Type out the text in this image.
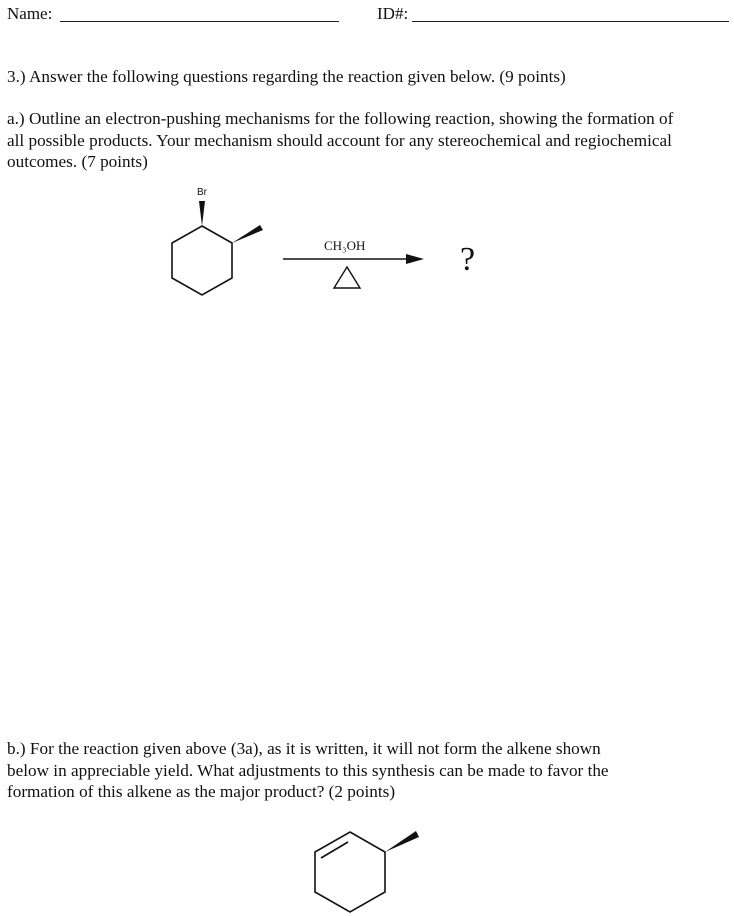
Name:	ID#:
3.) Answer the following questions regarding the reaction given below. (9 points)
a.) Outline an electron-pushing mechanisms for the following reaction, showing the formation of
all possible products. Your mechanism should account for any stereochemical and regiochemical
outcomes. (7 points)
Br
CH₃OH	?
b.) For the reaction given above (3a), as it is written, it will not form the alkene shown
below in appreciable yield. What adjustments to this synthesis can be made to favor the
formation of this alkene as the major product? (2 points)
